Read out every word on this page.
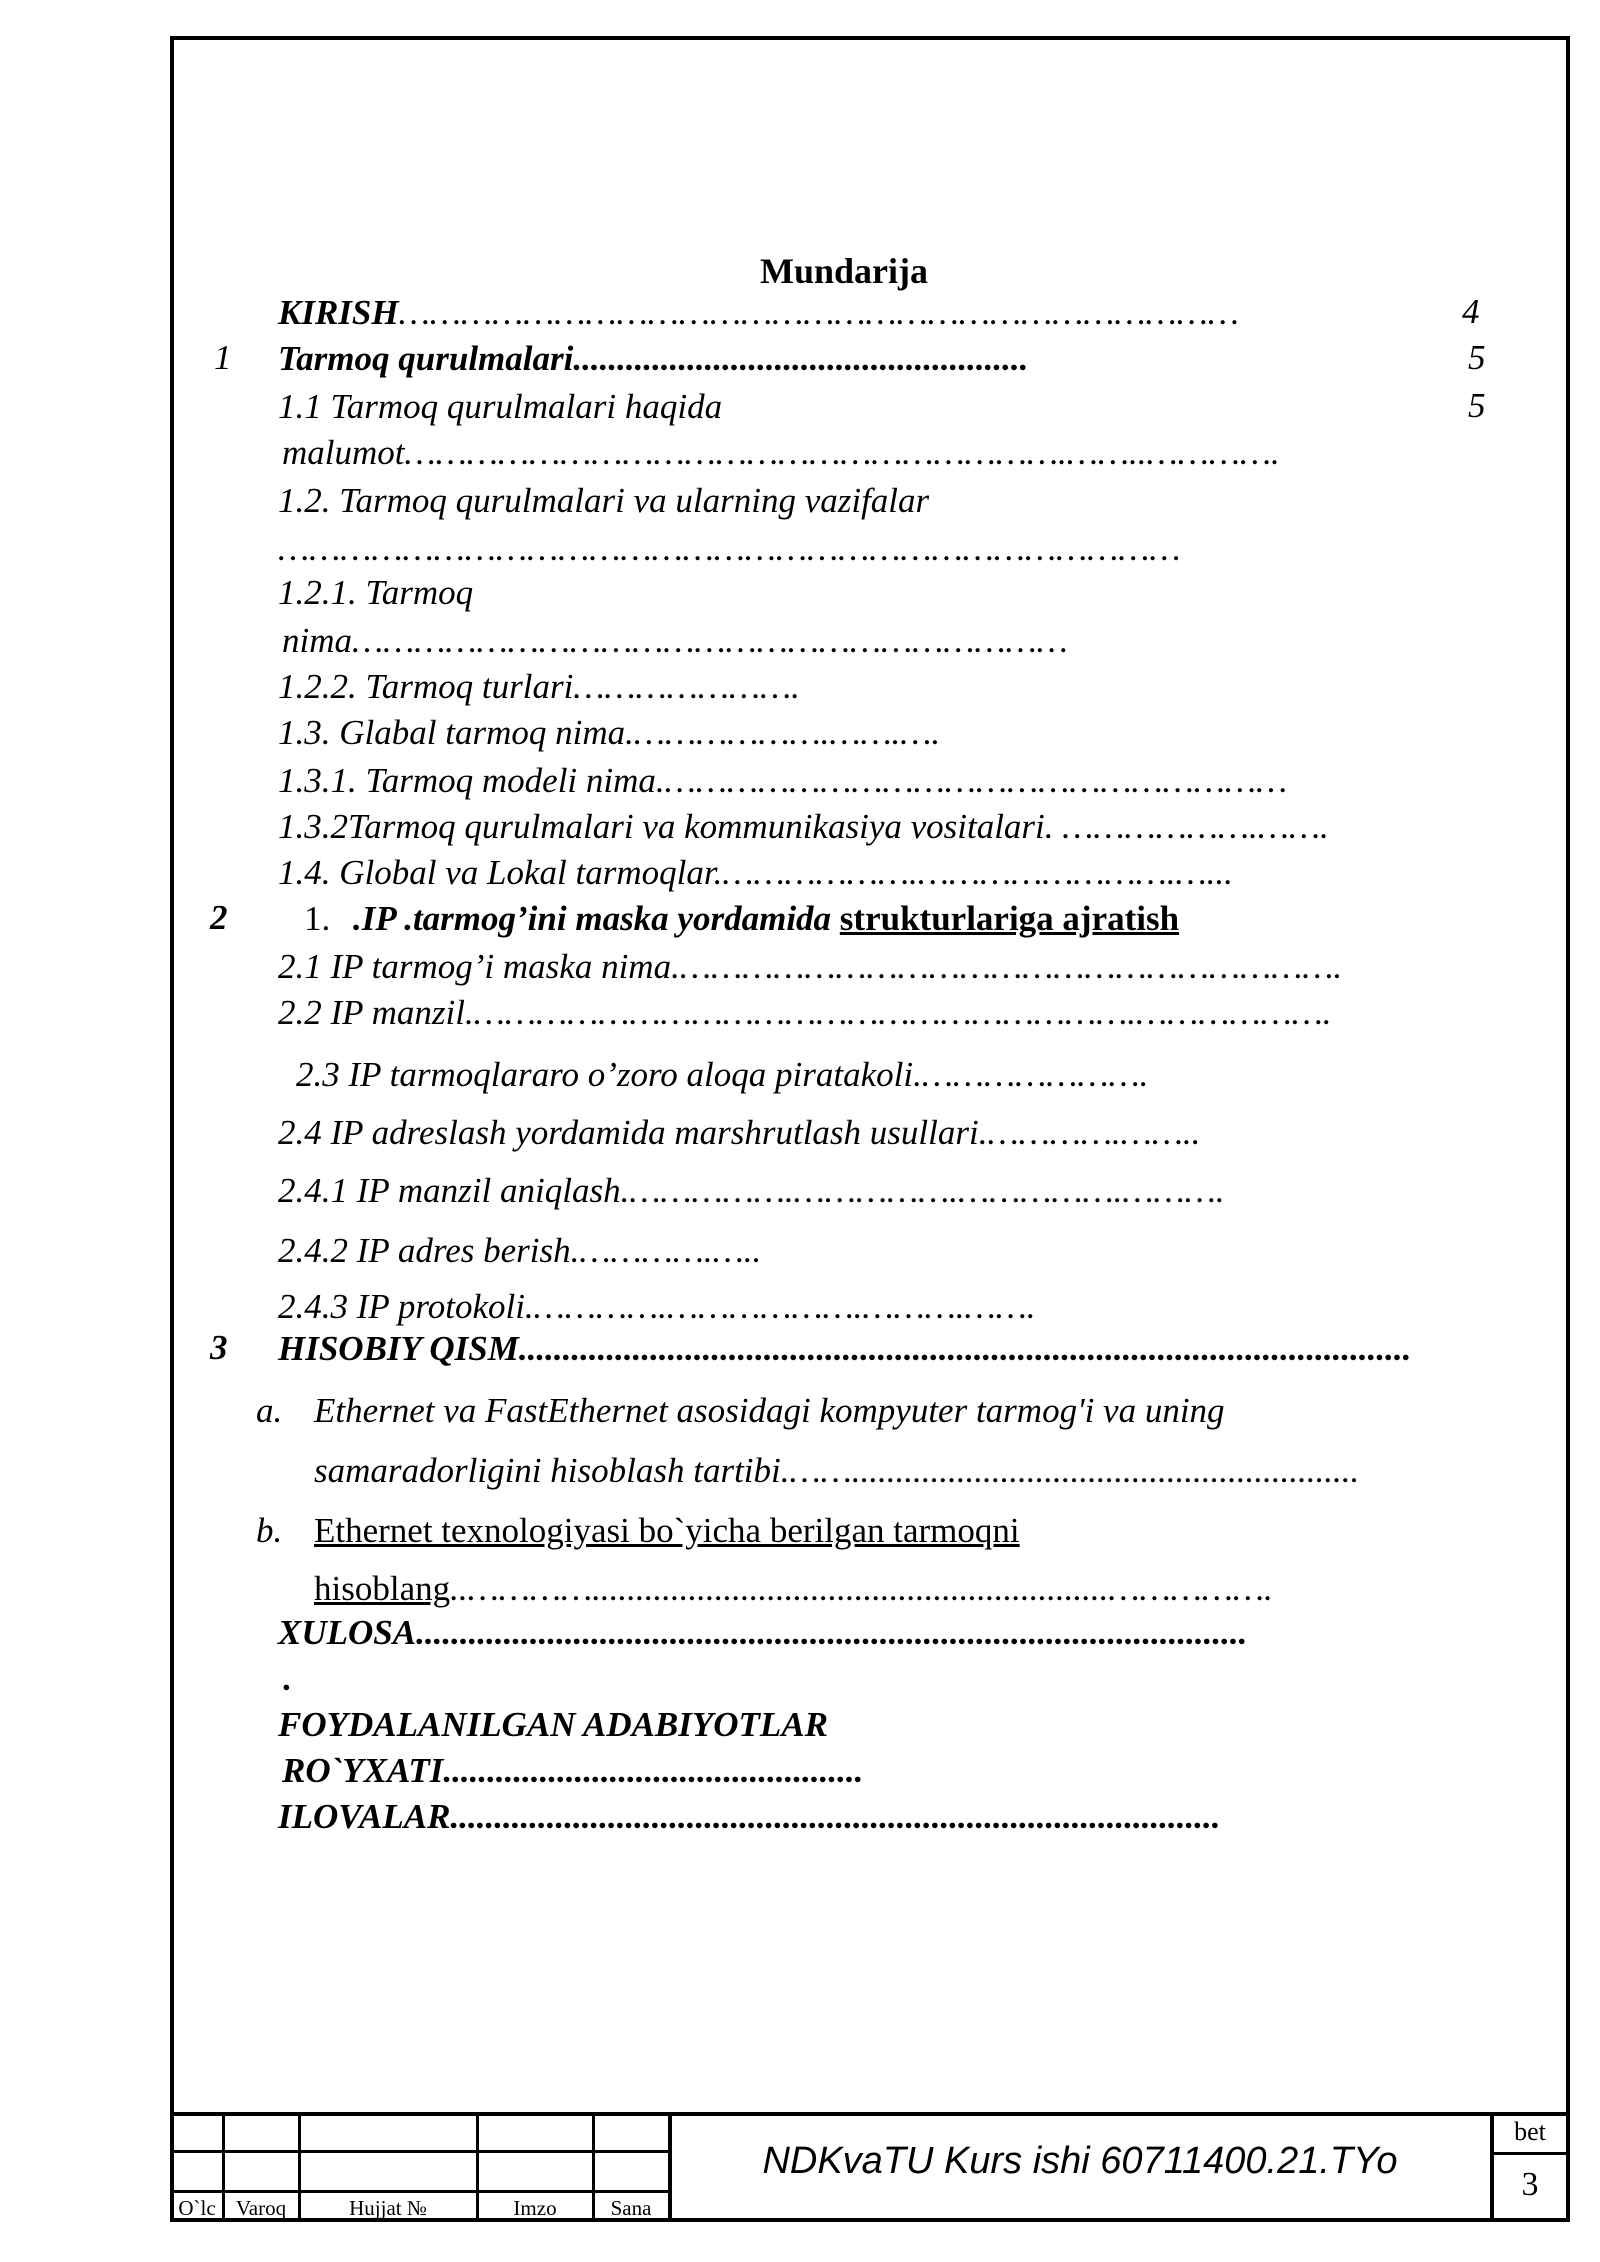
Mundarija
KIRISH………………………………………………………………………	4
1 Tarmoq qurulmalari....................................................	5
1.1 Tarmoq qurulmalari haqida	5
malumot……………………………………………………….……..………….
1.2. Tarmoq qurulmalari va ularning vazifalar
……………………………………………………………………………
1.2.1. Tarmoq
nima……………………………………………………………
1.2.2. Tarmoq turlari………………….
1.3. Glabal tarmoq nima.……………….…….….
1.3.1. Tarmoq modeli nima.……………………………………………………
1.3.2Tarmoq qurulmalari va kommunikasiya vositalari. ……………….…….
1.4. Global va Lokal tarmoqlar.……………….…………………….…...
2 1. .IP .tarmog’ini maska yordamida strukturlariga ajratish
2.1 IP tarmog’i maska nima.……………………………………………………….
2.2 IP manzil.……………………………………………………….……………….
2.3 IP tarmoqlararo o’zoro aloqa piratakoli.………………….
2.4 IP adreslash yordamida marshrutlash usullari.………….……..
2.4.1 IP manzil aniqlash.…………….…………….…………….……….
2.4.2 IP adres berish.………….…..
2.4.3 IP protokoli.………….……………….……….…….
3 HISOBIY QISM......................................................................................................
a. Ethernet va FastEthernet asosidagi kompyuter tarmog'i va uning
samaradorligini hisoblash tartibi.……..........................................................
b. Ethernet texnologiyasi bo`yicha berilgan tarmoqni
hisoblang..…………...........................................................…………….
XULOSA...............................................................................................
.
FOYDALANILGAN ADABIYOTLAR
RO`YXATI................................................
ILOVALAR........................................................................................
O`lc Varoq	Hujjat №	Imzo	Sana
NDKvaTU Kurs ishi 60711400.21.TYo
bet
3
